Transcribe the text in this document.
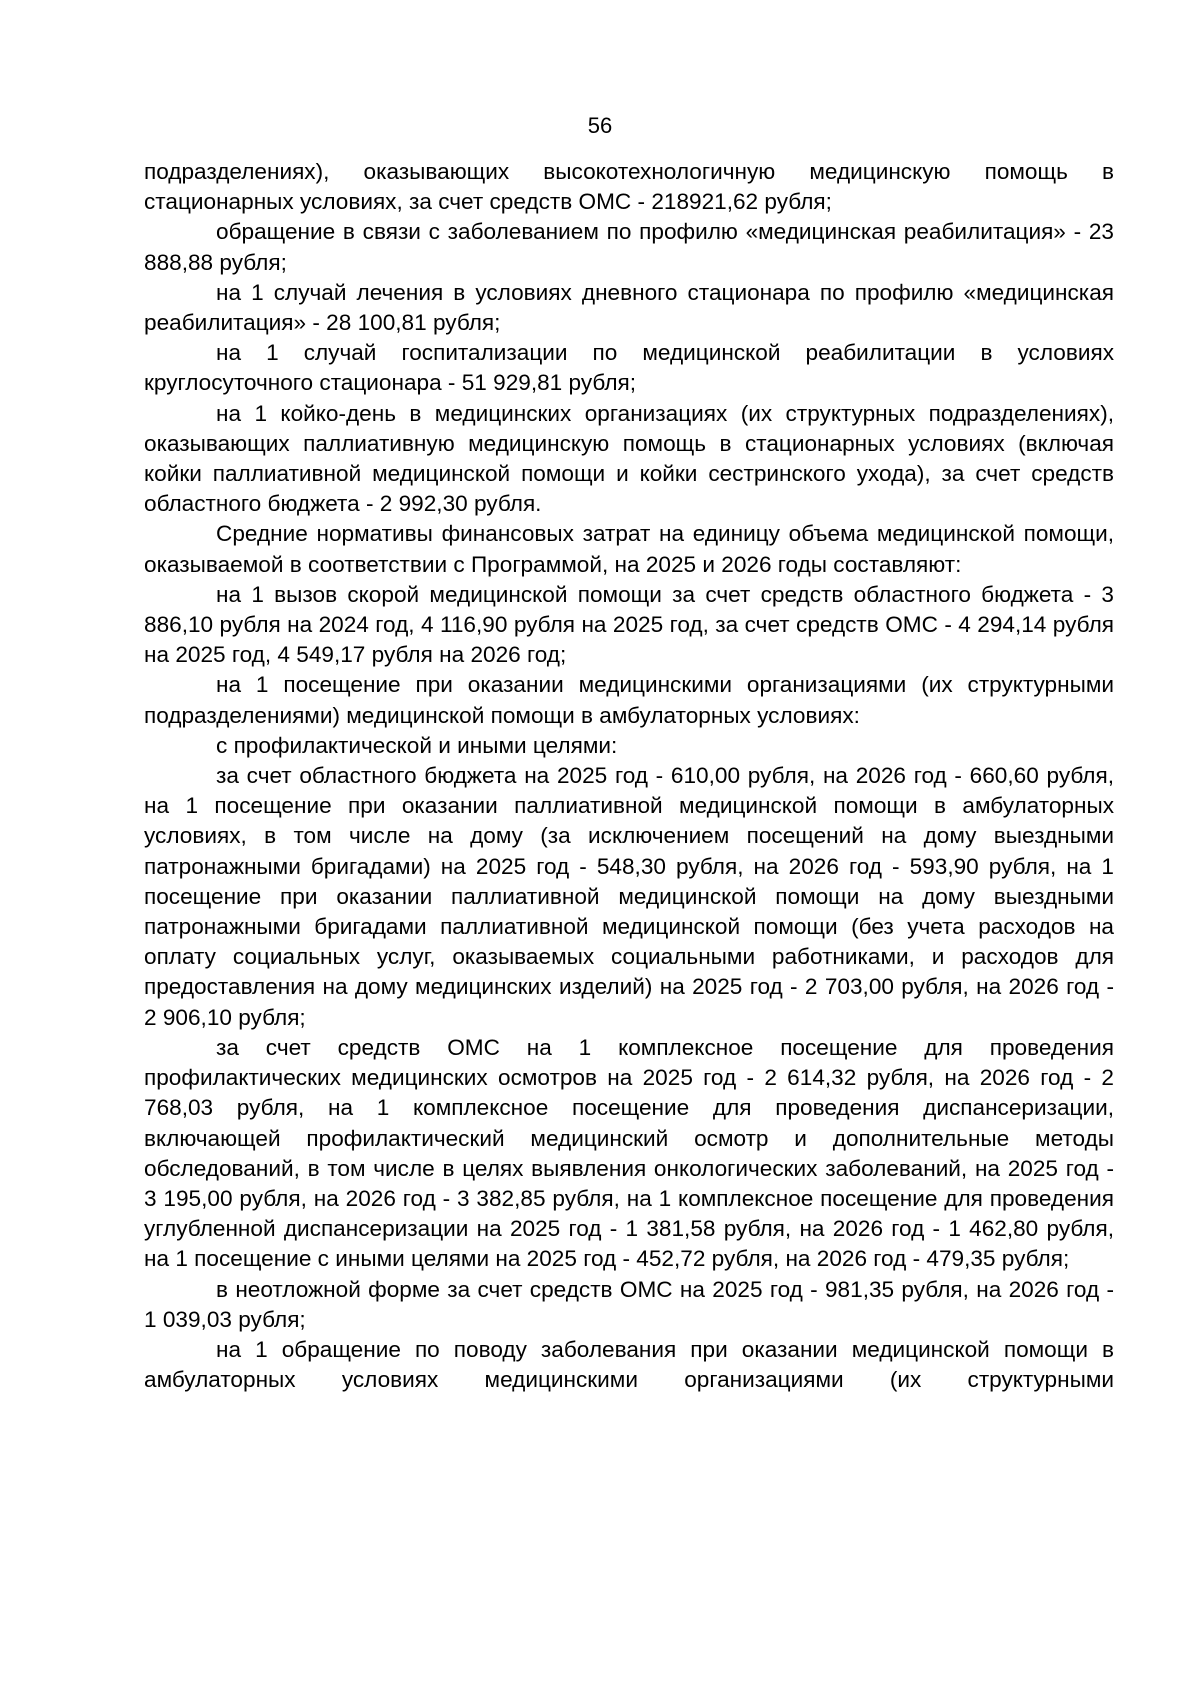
56

подразделениях), оказывающих высокотехнологичную медицинскую помощь в стационарных условиях, за счет средств ОМС - 218921,62 рубля;

обращение в связи с заболеванием по профилю «медицинская реабилитация» - 23 888,88 рубля;

на 1 случай лечения в условиях дневного стационара по профилю «медицинская реабилитация» - 28 100,81 рубля;

на 1 случай госпитализации по медицинской реабилитации в условиях круглосуточного стационара - 51 929,81 рубля;

на 1 койко-день в медицинских организациях (их структурных подразделениях), оказывающих паллиативную медицинскую помощь в стационарных условиях (включая койки паллиативной медицинской помощи и койки сестринского ухода), за счет средств областного бюджета - 2 992,30 рубля.

Средние нормативы финансовых затрат на единицу объема медицинской помощи, оказываемой в соответствии с Программой, на 2025 и 2026 годы составляют:

на 1 вызов скорой медицинской помощи за счет средств областного бюджета - 3 886,10 рубля на 2024 год, 4 116,90 рубля на 2025 год, за счет средств ОМС - 4 294,14 рубля на 2025 год, 4 549,17 рубля на 2026 год;

на 1 посещение при оказании медицинскими организациями (их структурными подразделениями) медицинской помощи в амбулаторных условиях:

с профилактической и иными целями:

за счет областного бюджета на 2025 год - 610,00 рубля, на 2026 год - 660,60 рубля, на 1 посещение при оказании паллиативной медицинской помощи в амбулаторных условиях, в том числе на дому (за исключением посещений на дому выездными патронажными бригадами) на 2025 год - 548,30 рубля, на 2026 год - 593,90 рубля, на 1 посещение при оказании паллиативной медицинской помощи на дому выездными патронажными бригадами паллиативной медицинской помощи (без учета расходов на оплату социальных услуг, оказываемых социальными работниками, и расходов для предоставления на дому медицинских изделий) на 2025 год - 2 703,00 рубля, на 2026 год - 2 906,10 рубля;

за счет средств ОМС на 1 комплексное посещение для проведения профилактических медицинских осмотров на 2025 год - 2 614,32 рубля, на 2026 год - 2 768,03 рубля, на 1 комплексное посещение для проведения диспансеризации, включающей профилактический медицинский осмотр и дополнительные методы обследований, в том числе в целях выявления онкологических заболеваний, на 2025 год - 3 195,00 рубля, на 2026 год - 3 382,85 рубля, на 1 комплексное посещение для проведения углубленной диспансеризации на 2025 год - 1 381,58 рубля, на 2026 год - 1 462,80 рубля, на 1 посещение с иными целями на 2025 год - 452,72 рубля, на 2026 год - 479,35 рубля;

в неотложной форме за счет средств ОМС на 2025 год - 981,35 рубля, на 2026 год - 1 039,03 рубля;

на 1 обращение по поводу заболевания при оказании медицинской помощи в амбулаторных условиях медицинскими организациями (их структурными
